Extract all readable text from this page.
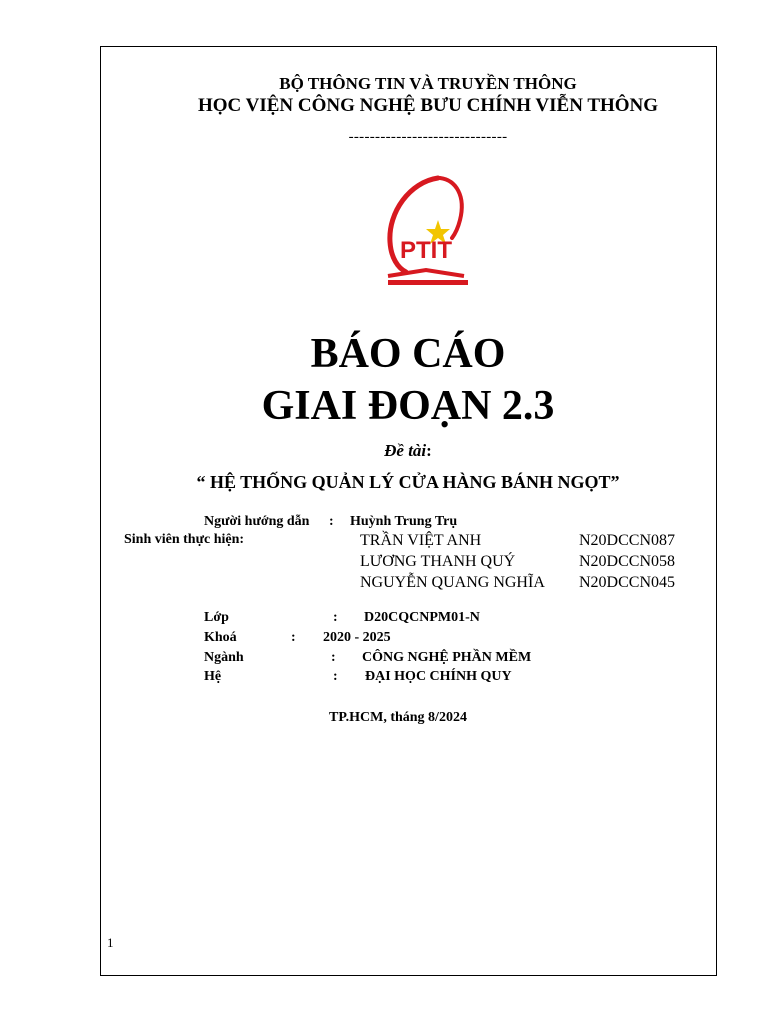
BỘ THÔNG TIN VÀ TRUYỀN THÔNG
HỌC VIỆN CÔNG NGHỆ BƯU CHÍNH VIỄN THÔNG
------------------------------
PTIT
BÁO CÁO
GIAI ĐOẠN 2.3
Đề tài:
“ HỆ THỐNG QUẢN LÝ CỬA HÀNG BÁNH NGỌT”
Người hướng dẫn : Huỳnh Trung Trụ
Sinh viên thực hiện:	TRẦN VIỆT ANH	N20DCCN087
LƯƠNG THANH QUÝ	N20DCCN058
NGUYỄN QUANG NGHĨA N20DCCN045
Lớp	: D20CQCNPM01-N
Khoá	: 2020 - 2025
Ngành	: CÔNG NGHỆ PHẦN MỀM
Hệ	: ĐẠI HỌC CHÍNH QUY
TP.HCM, tháng 8/2024
1
